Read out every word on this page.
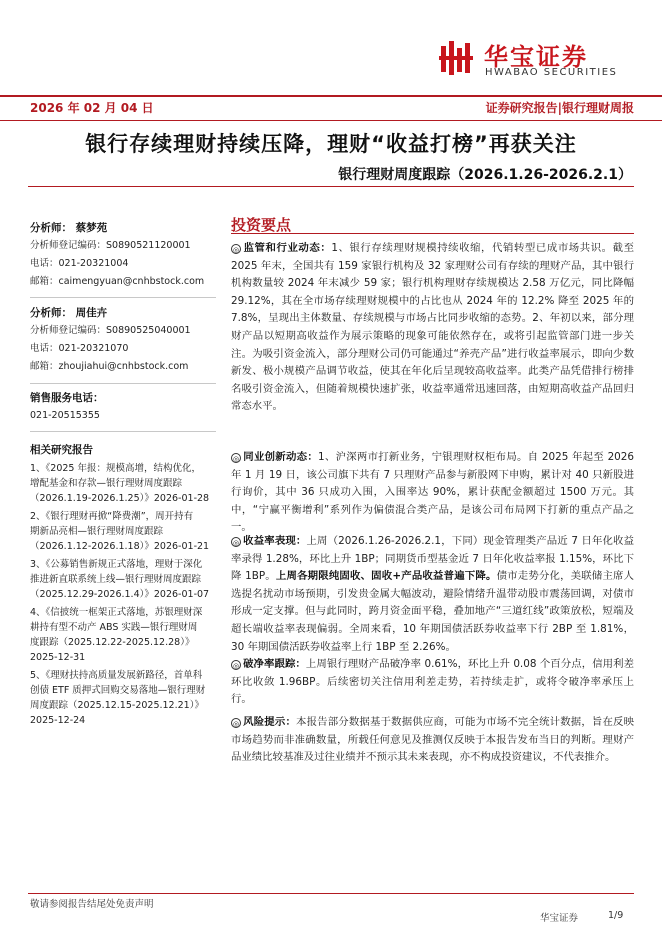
华宝证券
HWABAO SECURITIES
2026 年 02 月 04 日	证券研究报告|银行理财周报
银行存续理财持续压降，理财“收益打榜”再获关注
银行理财周度跟踪（2026.1.26-2026.2.1）
分析师： 蔡梦苑
分析师登记编码：S0890521120001
电话：021-20321004
邮箱：caimengyuan@cnhbstock.com
分析师： 周佳卉
分析师登记编码：S0890525040001
电话：021-20321070
邮箱：zhoujiahui@cnhbstock.com
销售服务电话：
021-20515355
相关研究报告
1、《2025 年报：规模高增，结构优化，
增配基金和存款—银行理财周度跟踪
（2026.1.19-2026.1.25）》2026-01-28
2、《银行理财再掀“降费潮”，周开持有
期新品亮相—银行理财周度跟踪
（2026.1.12-2026.1.18）》2026-01-21
3、《公募销售新规正式落地，理财于深化
推进新直联系统上线—银行理财周度跟踪
（2025.12.29-2026.1.4）》2026-01-07
4、《信披统一框架正式落地，苏银理财深
耕持有型不动产 ABS 实践—银行理财周
度跟踪（2025.12.22-2025.12.28）》
2025-12-31
5、《理财扶持高质量发展新路径，首单科
创债 ETF 质押式回购交易落地—银行理财
周度跟踪（2025.12.15-2025.12.21）》
2025-12-24
投资要点
◎ 监管和行业动态：1、银行存续理财规模持续收缩，代销转型已成市场共识。截至 2025 年末，全国共有 159 家银行机构及 32 家理财公司有存续的理财产品，其中银行机构数量较 2024 年末减少 59 家；银行机构理财存续规模达 2.58 万亿元，同比降幅 29.12%，其在全市场存续理财规模中的占比也从 2024 年的 12.2% 降至 2025 年的 7.8%，呈现出主体数量、存续规模与市场占比同步收缩的态势。2、年初以来，部分理财产品以短期高收益作为展示策略的现象可能依然存在，或将引起监管部门进一步关注。为吸引资金流入，部分理财公司仍可能通过“养壳产品”进行收益率展示，即向少数新发、极小规模产品调节收益，使其在年化后呈现较高收益率。此类产品凭借排行榜排名吸引资金流入，但随着规模快速扩张，收益率通常迅速回落，由短期高收益产品回归常态水平。
◎ 同业创新动态：1、沪深两市打新业务，宁银理财权柜布局。自 2025 年起至 2026 年 1 月 19 日，该公司旗下共有 7 只理财产品参与新股网下申购，累计对 40 只新股进行询价，其中 36 只成功入围，入围率达 90%，累计获配金额超过 1500 万元。其中，“宁赢平衡增利”系列作为偏债混合类产品，是该公司布局网下打新的重点产品之一。
◎ 收益率表现：上周（2026.1.26-2026.2.1，下同）现金管理类产品近 7 日年化收益率录得 1.28%，环比上升 1BP；同期货币型基金近 7 日年化收益率报 1.15%，环比下降 1BP。上周各期限纯固收、固收+产品收益普遍下降。债市走势分化，美联储主席人选提名扰动市场预期，引发贵金属大幅波动，避险情绪升温带动股市震荡回调，对债市形成一定支撑。但与此同时，跨月资金面平稳，叠加地产“三道红线”政策放松，短端及超长端收益率表现偏弱。全周来看，10 年期国债活跃券收益率下行 2BP 至 1.81%，30 年期国债活跃券收益率上行 1BP 至 2.26%。
◎ 破净率跟踪：上周银行理财产品破净率 0.61%，环比上升 0.08 个百分点，信用利差环比收敛 1.96BP。后续密切关注信用利差走势，若持续走扩，或将令破净率承压上行。
◎ 风险提示：本报告部分数据基于数据供应商，可能为市场不完全统计数据，旨在反映市场趋势而非准确数量，所载任何意见及推测仅反映于本报告发布当日的判断。理财产品业绩比较基准及过往业绩并不预示其未来表现，亦不构成投资建议，不代表推介。
敬请参阅报告结尾处免责声明
华宝证券	1/9
